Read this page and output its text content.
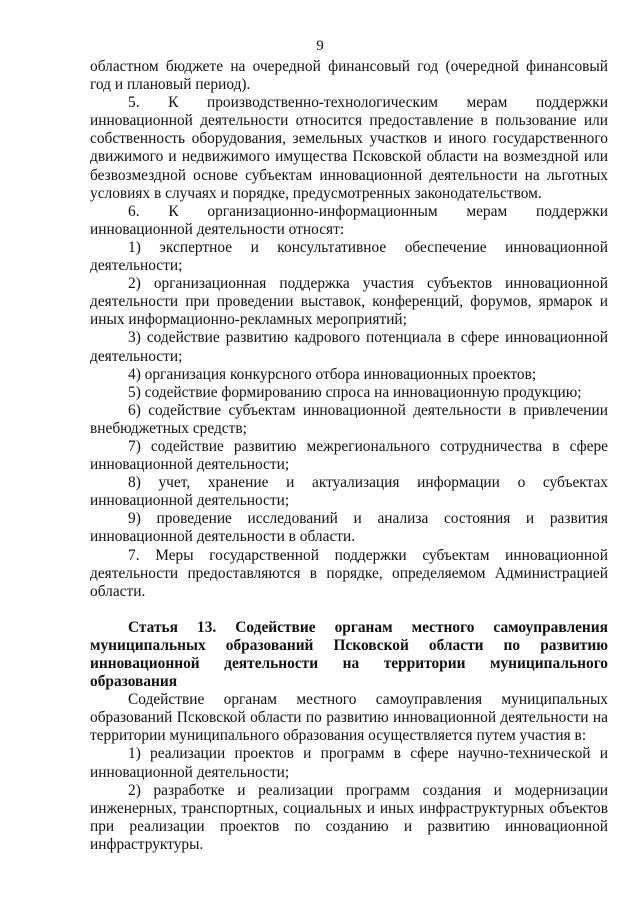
9

областном бюджете на очередной финансовый год (очередной финансовый год и плановый период).

5. К производственно-технологическим мерам поддержки инновационной деятельности относится предоставление в пользование или собственность оборудования, земельных участков и иного государственного движимого и недвижимого имущества Псковской области на возмездной или безвозмездной основе субъектам инновационной деятельности на льготных условиях в случаях и порядке, предусмотренных законодательством.

6. К организационно-информационным мерам поддержки инновационной деятельности относят:

1) экспертное и консультативное обеспечение инновационной деятельности;

2) организационная поддержка участия субъектов инновационной деятельности при проведении выставок, конференций, форумов, ярмарок и иных информационно-рекламных мероприятий;

3) содействие развитию кадрового потенциала в сфере инновационной деятельности;

4) организация конкурсного отбора инновационных проектов;

5) содействие формированию спроса на инновационную продукцию;

6) содействие субъектам инновационной деятельности в привлечении внебюджетных средств;

7) содействие развитию межрегионального сотрудничества в сфере инновационной деятельности;

8) учет, хранение и актуализация информации о субъектах инновационной деятельности;

9) проведение исследований и анализа состояния и развития инновационной деятельности в области.

7. Меры государственной поддержки субъектам инновационной деятельности предоставляются в порядке, определяемом Администрацией области.

Статья 13. Содействие органам местного самоуправления

муниципальных образований Псковской области по развитию

инновационной деятельности на территории муниципального образования

Содействие органам местного самоуправления муниципальных образований Псковской области по развитию инновационной деятельности на территории муниципального образования осуществляется путем участия в:

1) реализации проектов и программ в сфере научно-технической и инновационной деятельности;

2) разработке и реализации программ создания и модернизации инженерных, транспортных, социальных и иных инфраструктурных объектов при реализации проектов по созданию и развитию инновационной инфраструктуры.
